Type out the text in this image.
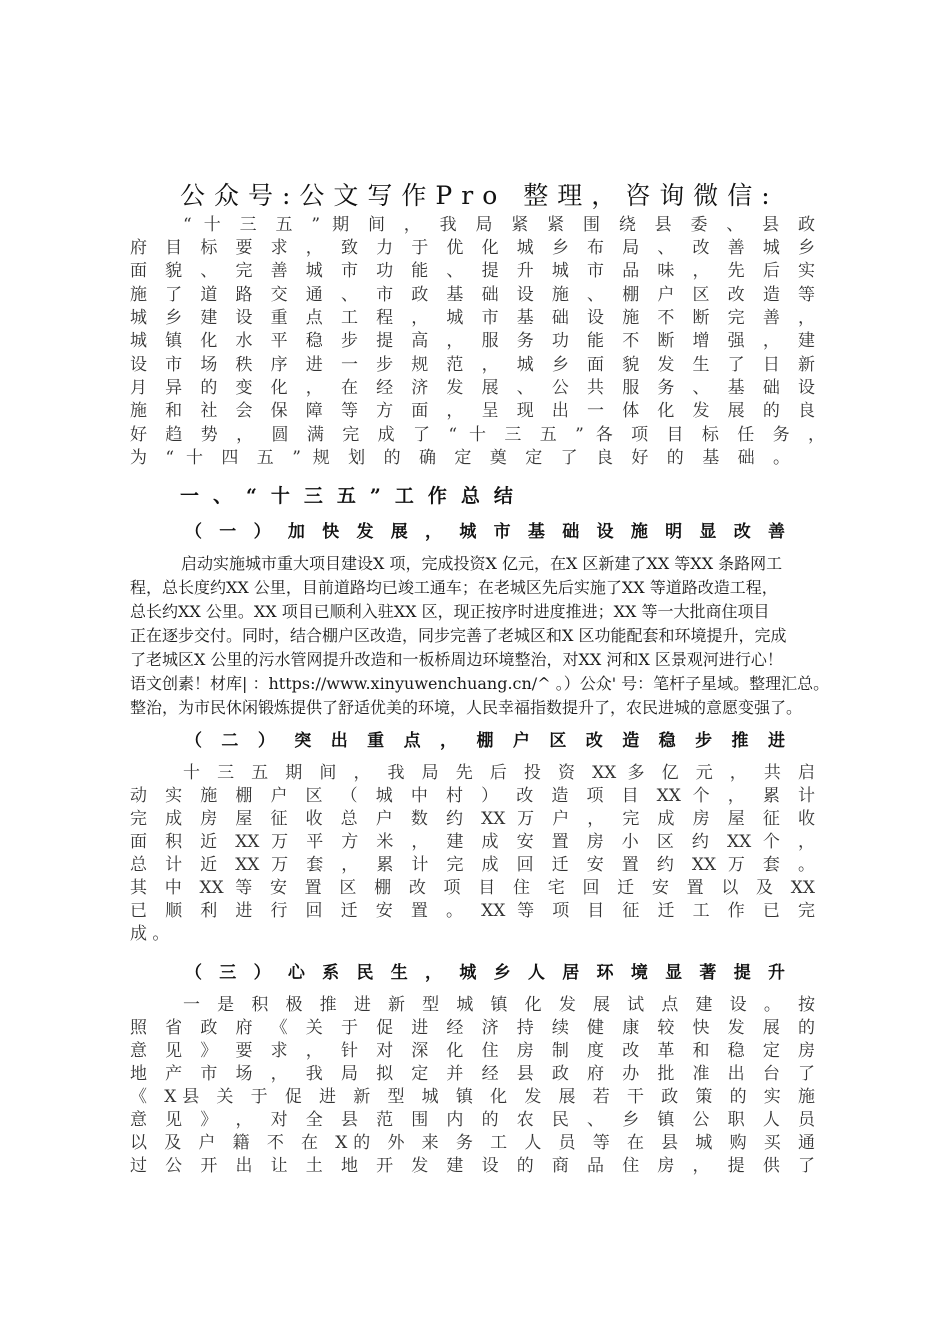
公众号:公文写作Pro 整理，咨询微信:
“ 十 三 五 ” 期 间 ， 我 局 紧 紧 围 绕 县 委 、 县 政
府 目 标 要 求 ， 致 力 于 优 化 城 乡 布 局 、 改 善 城 乡
面 貌 、 完 善 城 市 功 能 、 提 升 城 市 品 味 ， 先 后 实
施 了 道 路 交 通 、 市 政 基 础 设 施 、 棚 户 区 改 造 等
城 乡 建 设 重 点 工 程 ， 城 市 基 础 设 施 不 断 完 善 ，
城 镇 化 水 平 稳 步 提 高 ， 服 务 功 能 不 断 增 强 ， 建
设 市 场 秩 序 进 一 步 规 范 ， 城 乡 面 貌 发 生 了 日 新
月 异 的 变 化 ， 在 经 济 发 展 、 公 共 服 务 、 基 础 设
施 和 社 会 保 障 等 方 面 ， 呈 现 出 一 体 化 发 展 的 良
好 趋 势 ， 圆 满 完 成 了 “ 十 三 五 ” 各 项 目 标 任 务 ，
为 “ 十 四 五 ” 规 划 的 确 定 奠 定 了 良 好 的 基 础 。
一、“十三五”工作总结
（ 一 ） 加 快 发 展 ， 城 市 基 础 设 施 明 显 改 善
启动实施城市重大项目建设X 项，完成投资X 亿元，在X 区新建了XX 等XX 条路网工
程，总长度约XX 公里，目前道路均已竣工通车；在老城区先后实施了XX 等道路改造工程，
总长约XX 公里。XX 项目已顺利入驻XX 区，现正按序时进度推进；XX 等一大批商住项目
正在逐步交付。同时，结合棚户区改造，同步完善了老城区和X 区功能配套和环境提升，完成
了老城区X 公里的污水管网提升改造和一板桥周边环境整治，对XX 河和X 区景观河进行心！
语文创素！材库| ：https://www.xinyuwenchuang.cn/^ 。）公众' 号：笔杆子星域。整理汇总。
整治，为市民休闲锻炼提供了舒适优美的环境，人民幸福指数提升了，农民进城的意愿变强了。
（ 二 ） 突 出 重 点 ， 棚 户 区 改 造 稳 步 推 进
十 三 五 期 间 ， 我 局 先 后 投 资 XX 多 亿 元 ， 共 启
动 实 施 棚 户 区 （ 城 中 村 ） 改 造 项 目 XX 个 ， 累 计
完 成 房 屋 征 收 总 户 数 约 XX 万 户 ， 完 成 房 屋 征 收
面 积 近 XX 万 平 方 米 ， 建 成 安 置 房 小 区 约 XX 个 ，
总 计 近 XX 万 套 ， 累 计 完 成 回 迁 安 置 约 XX 万 套 。
其 中 XX 等 安 置 区 棚 改 项 目 住 宅 回 迁 安 置 以 及 XX
已 顺 利 进 行 回 迁 安 置 。 XX 等 项 目 征 迁 工 作 已 完
成 。
（ 三 ） 心 系 民 生 ， 城 乡 人 居 环 境 显 著 提 升
一 是 积 极 推 进 新 型 城 镇 化 发 展 试 点 建 设 。 按
照 省 政 府 《 关 于 促 进 经 济 持 续 健 康 较 快 发 展 的
意 见 》 要 求 ， 针 对 深 化 住 房 制 度 改 革 和 稳 定 房
地 产 市 场 ， 我 局 拟 定 并 经 县 政 府 办 批 准 出 台 了
《 X县 关 于 促 进 新 型 城 镇 化 发 展 若 干 政 策 的 实 施
意 见 》 ， 对 全 县 范 围 内 的 农 民 、 乡 镇 公 职 人 员
以 及 户 籍 不 在 X的 外 来 务 工 人 员 等 在 县 城 购 买 通
过 公 开 出 让 土 地 开 发 建 设 的 商 品 住 房 ， 提 供 了
